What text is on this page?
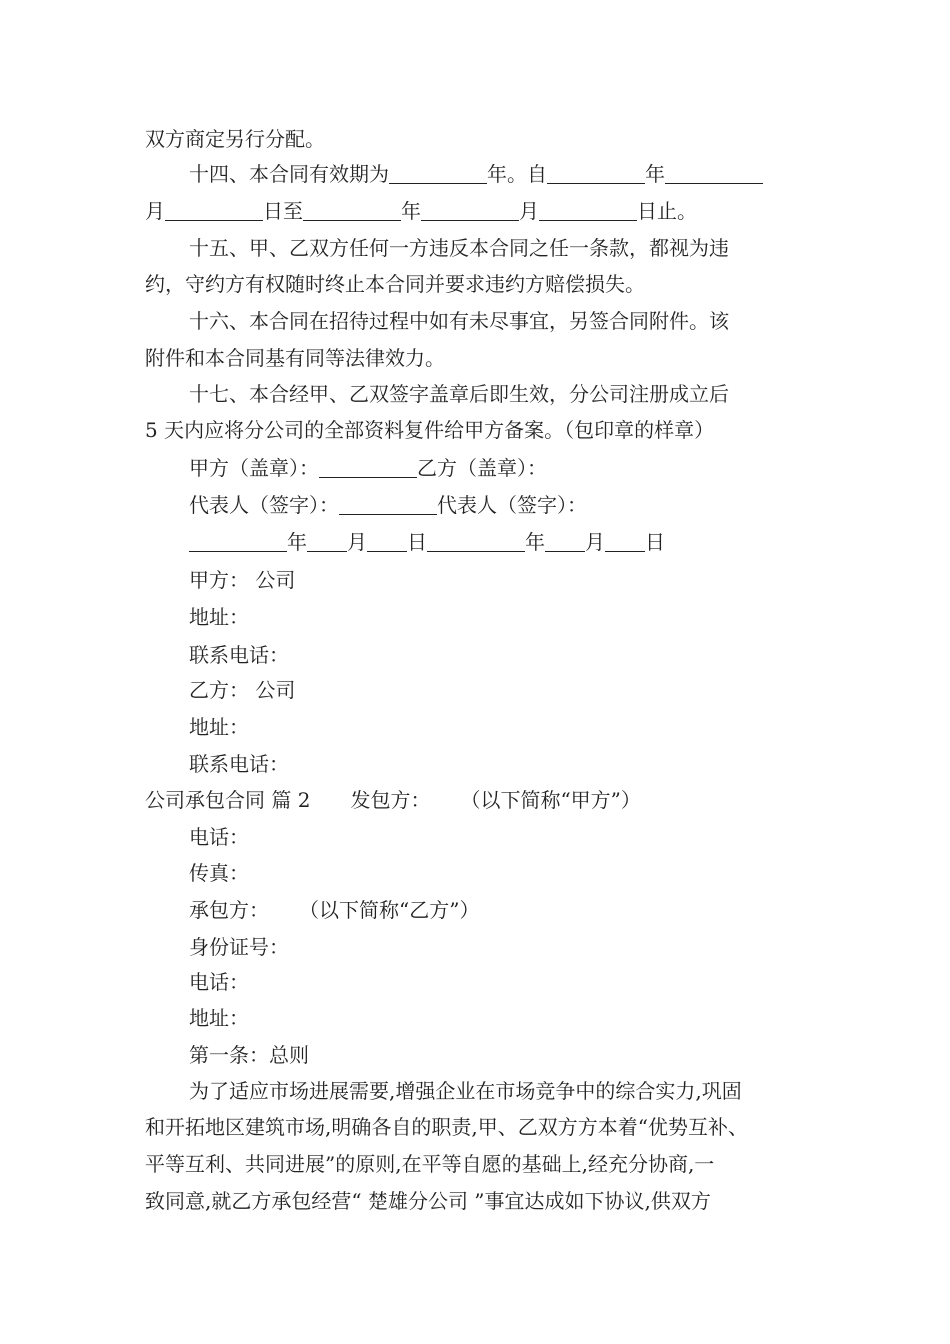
双方商定另行分配。
十四、本合同有效期为	年。自	年
月	日至	年	月	日止。
十五、甲、乙双方任何一方违反本合同之任一条款，都视为违
约，守约方有权随时终止本合同并要求违约方赔偿损失。
十六、本合同在招待过程中如有未尽事宜，另签合同附件。该
附件和本合同基有同等法律效力。
十七、本合经甲、乙双签字盖章后即生效，分公司注册成立后
5 天内应将分公司的全部资料复件给甲方备案。（包印章的样章）
甲方（盖章）：	乙方（盖章）：
代表人（签字）：	代表人（签字）：
年 月 日	年 月 日
甲方： 公司
地址：
联系电话：
乙方： 公司
地址：
联系电话：
公司承包合同 篇 2 发包方： （以下简称“甲方”）
电话：
传真：
承包方： （以下简称“乙方”）
身份证号：
电话：
地址：
第一条：总则
为了适应市场进展需要,增强企业在市场竞争中的综合实力,巩固
和开拓地区建筑市场,明确各自的职责,甲、乙双方方本着“优势互补、
平等互利、共同进展”的原则,在平等自愿的基础上,经充分协商,一
致同意,就乙方承包经营“ 楚雄分公司 ”事宜达成如下协议,供双方
